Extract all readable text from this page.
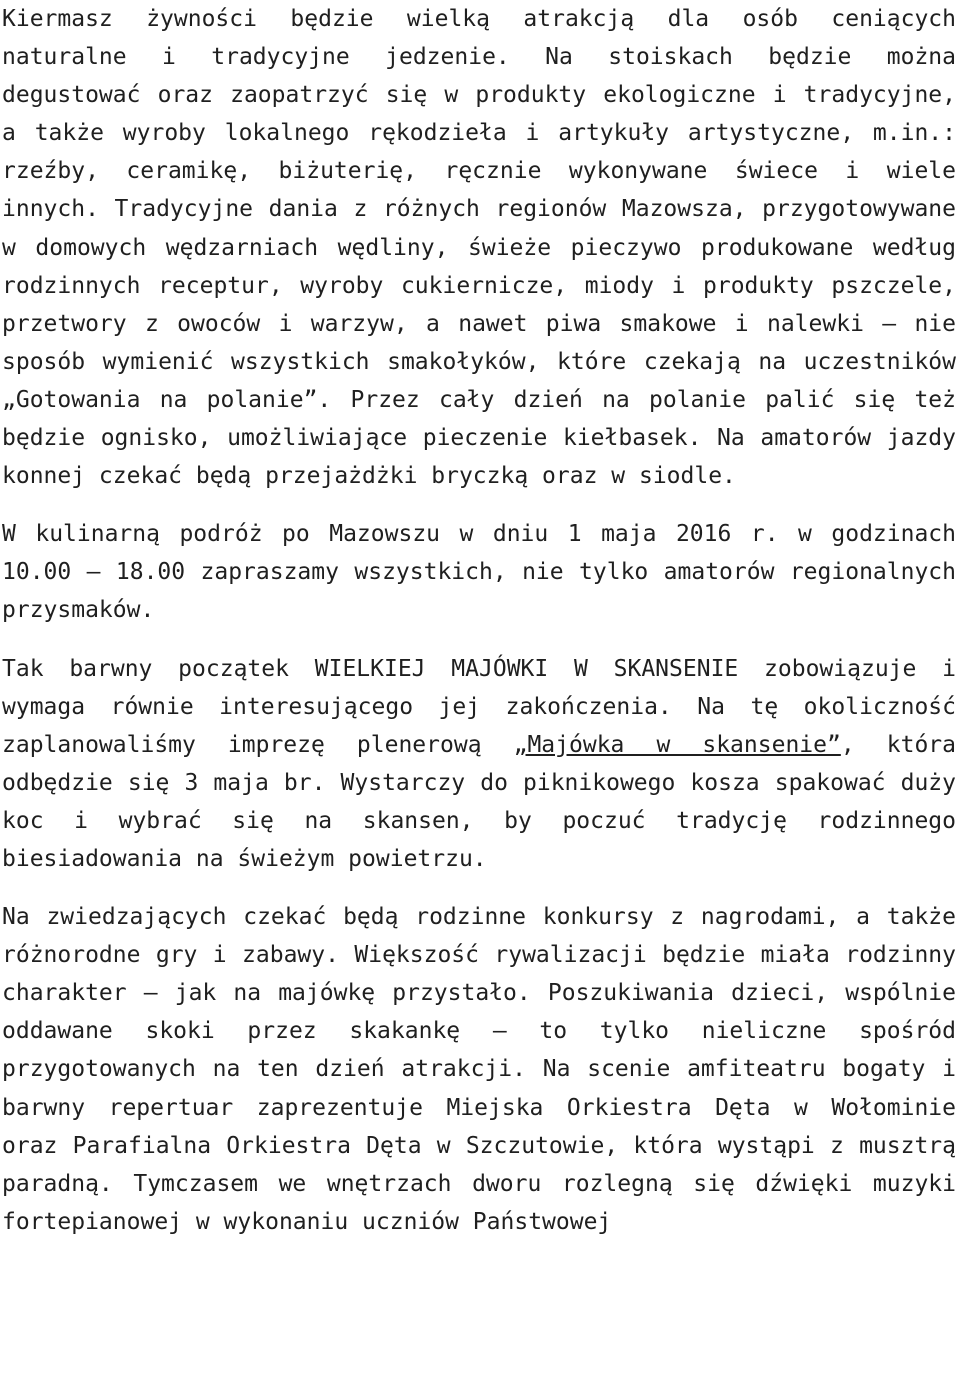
Kiermasz żywności będzie wielką atrakcją dla osób ceniących naturalne i tradycyjne jedzenie. Na stoiskach będzie można degustować oraz zaopatrzyć się w produkty ekologiczne i tradycyjne, a także wyroby lokalnego rękodzieła i artykuły artystyczne, m.in.: rzeźby, ceramikę, biżuterię, ręcznie wykonywane świece i wiele innych. Tradycyjne dania z różnych regionów Mazowsza, przygotowywane w domowych wędzarniach wędliny, świeże pieczywo produkowane według rodzinnych receptur, wyroby cukiernicze, miody i produkty pszczele, przetwory z owoców i warzyw, a nawet piwa smakowe i nalewki – nie sposób wymienić wszystkich smakołyków, które czekają na uczestników „Gotowania na polanie”. Przez cały dzień na polanie palić się też będzie ognisko, umożliwiające pieczenie kiełbasek. Na amatorów jazdy konnej czekać będą przejażdżki bryczką oraz w siodle.

W kulinarną podróż po Mazowszu w dniu 1 maja 2016 r. w godzinach 10.00 – 18.00 zapraszamy wszystkich, nie tylko amatorów regionalnych przysmaków.

Tak barwny początek WIELKIEJ MAJÓWKI W SKANSENIE zobowiązuje i wymaga równie interesującego jej zakończenia. Na tę okoliczność zaplanowaliśmy imprezę plenerową „Majówka w skansenie”, która odbędzie się 3 maja br. Wystarczy do piknikowego kosza spakować duży koc i wybrać się na skansen, by poczuć tradycję rodzinnego biesiadowania na świeżym powietrzu.

Na zwiedzających czekać będą rodzinne konkursy z nagrodami, a także różnorodne gry i zabawy. Większość rywalizacji będzie miała rodzinny charakter – jak na majówkę przystało. Poszukiwania dzieci, wspólnie oddawane skoki przez skakankę – to tylko nieliczne spośród przygotowanych na ten dzień atrakcji. Na scenie amfiteatru bogaty i barwny repertuar zaprezentuje Miejska Orkiestra Dęta w Wołominie oraz Parafialna Orkiestra Dęta w Szczutowie, która wystąpi z musztrą paradną. Tymczasem we wnętrzach dworu rozlegną się dźwięki muzyki fortepianowej w wykonaniu uczniów Państwowej
